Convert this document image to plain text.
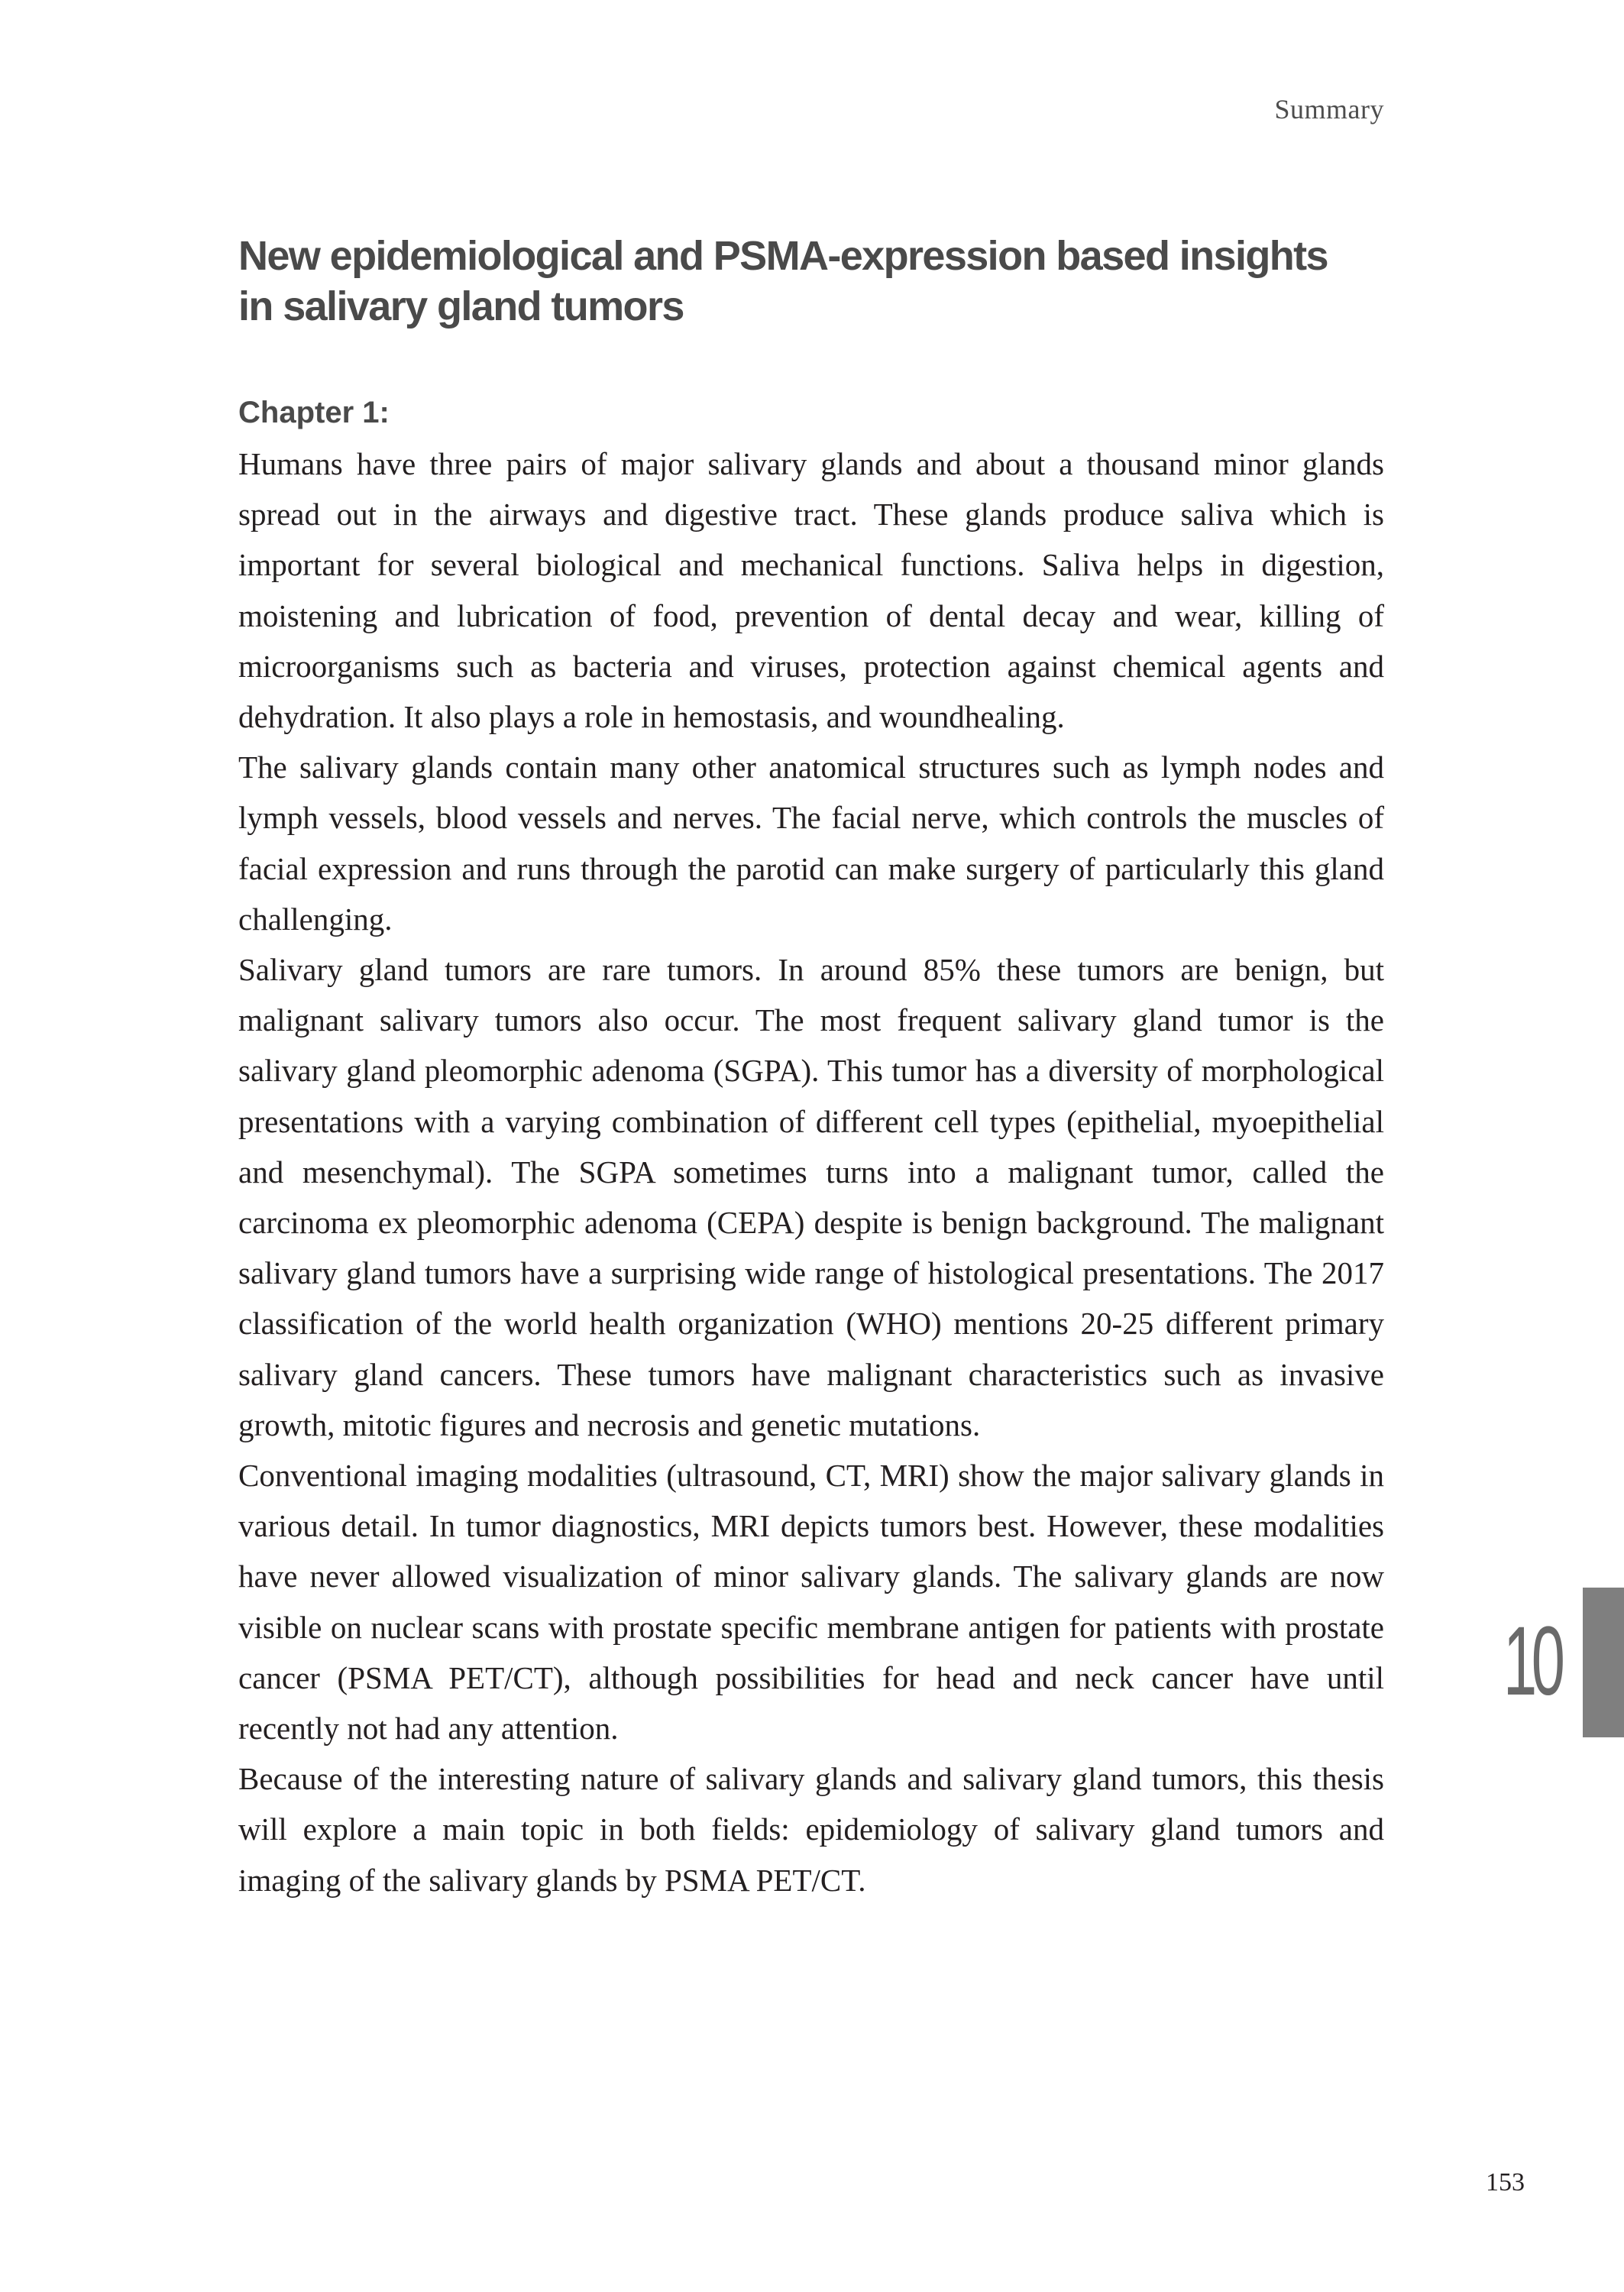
Summary
New epidemiological and PSMA-expression based insights
in salivary gland tumors
Chapter 1:

Humans have three pairs of major salivary glands and about a thousand minor glands spread out in the airways and digestive tract. These glands produce saliva which is important for several biological and mechanical functions. Saliva helps in digestion, moistening and lubrication of food, prevention of dental decay and wear, killing of microorganisms such as bacteria and viruses, protection against chemical agents and dehydration. It also plays a role in hemostasis, and woundhealing.

The salivary glands contain many other anatomical structures such as lymph nodes and lymph vessels, blood vessels and nerves. The facial nerve, which controls the muscles of facial expression and runs through the parotid can make surgery of particularly this gland challenging.

Salivary gland tumors are rare tumors. In around 85% these tumors are benign, but malignant salivary tumors also occur. The most frequent salivary gland tumor is the salivary gland pleomorphic adenoma (SGPA). This tumor has a diversity of morphological presentations with a varying combination of different cell types (epithelial, myoepithelial and mesenchymal). The SGPA sometimes turns into a malignant tumor, called the carcinoma ex pleomorphic adenoma (CEPA) despite is benign background. The malignant salivary gland tumors have a surprising wide range of histological presentations. The 2017 classification of the world health organization (WHO) mentions 20-25 different primary salivary gland cancers. These tumors have malignant characteristics such as invasive growth, mitotic figures and necrosis and genetic mutations.

Conventional imaging modalities (ultrasound, CT, MRI) show the major salivary glands in various detail. In tumor diagnostics, MRI depicts tumors best. However, these modalities have never allowed visualization of minor salivary glands. The salivary glands are now visible on nuclear scans with prostate specific membrane antigen for patients with prostate cancer (PSMA PET/CT), although possibilities for head and neck cancer have until recently not had any attention.

Because of the interesting nature of salivary glands and salivary gland tumors, this thesis will explore a main topic in both fields: epidemiology of salivary gland tumors and imaging of the salivary glands by PSMA PET/CT.

10
153
